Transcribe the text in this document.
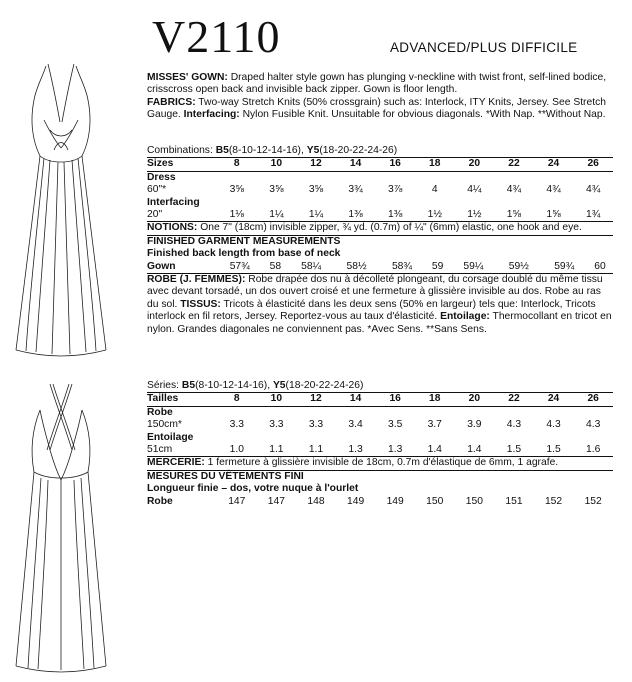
V2110	ADVANCED/PLUS DIFFICILE

MISSES' GOWN: Draped halter style gown has plunging v-neckline with twist front, self-lined bodice, crisscross open back and invisible back zipper. Gown is floor length.

FABRICS: Two-way Stretch Knits (50% crossgrain) such as: Interlock, ITY Knits, Jersey. See Stretch Gauge. Interfacing: Nylon Fusible Knit. Unsuitable for obvious diagonals. *With Nap. **Without Nap.

Combinations: B5(8-10-12-14-16), Y5(18-20-22-24-26)
Sizes	8	10	12	14	16	18	20	22	24	26
Dress										
60"*	3⅝	3⅝	3⅝	3¾	3⅞	4	4¼	4¾	4¾	4¾
Interfacing										
20"	1⅛	1¼	1¼	1⅜	1⅜	1½	1½	1⅝	1⅝	1¾

NOTIONS: One 7" (18cm) invisible zipper, ¾ yd. (0.7m) of ¼" (6mm) elastic, one hook and eye.

FINISHED GARMENT MEASUREMENTS

Finished back length from base of neck

Gown	57¾	58	58¼	58½	58¾	59	59¼	59½	59¾	60

ROBE (J. FEMMES): Robe drapée dos nu à décolleté plongeant, du corsage doublé du même tissu avec devant torsadé, un dos ouvert croisé et une fermeture à glissière invisible au dos. Robe au ras du sol. TISSUS: Tricots à élasticité dans les deux sens (50% en largeur) tels que: Interlock, Tricots interlock en fil retors, Jersey. Reportez-vous au taux d'élasticité. Entoilage: Thermocollant en tricot en nylon. Grandes diagonales ne conviennent pas. *Avec Sens. **Sans Sens.

Séries: B5(8-10-12-14-16), Y5(18-20-22-24-26)
Tailles	8	10	12	14	16	18	20	22	24	26
Robe										
150cm*	3.3	3.3	3.3	3.4	3.5	3.7	3.9	4.3	4.3	4.3
Entoilage										
51cm	1.0	1.1	1.1	1.3	1.3	1.4	1.4	1.5	1.5	1.6

MERCERIE: 1 fermeture à glissière invisible de 18cm, 0.7m d'élastique de 6mm, 1 agrafe.

MESURES DU VÊTEMENTS FINI

Longueur finie – dos, votre nuque à l'ourlet

Robe	147	147	148	149	149	150	150	151	152	152
